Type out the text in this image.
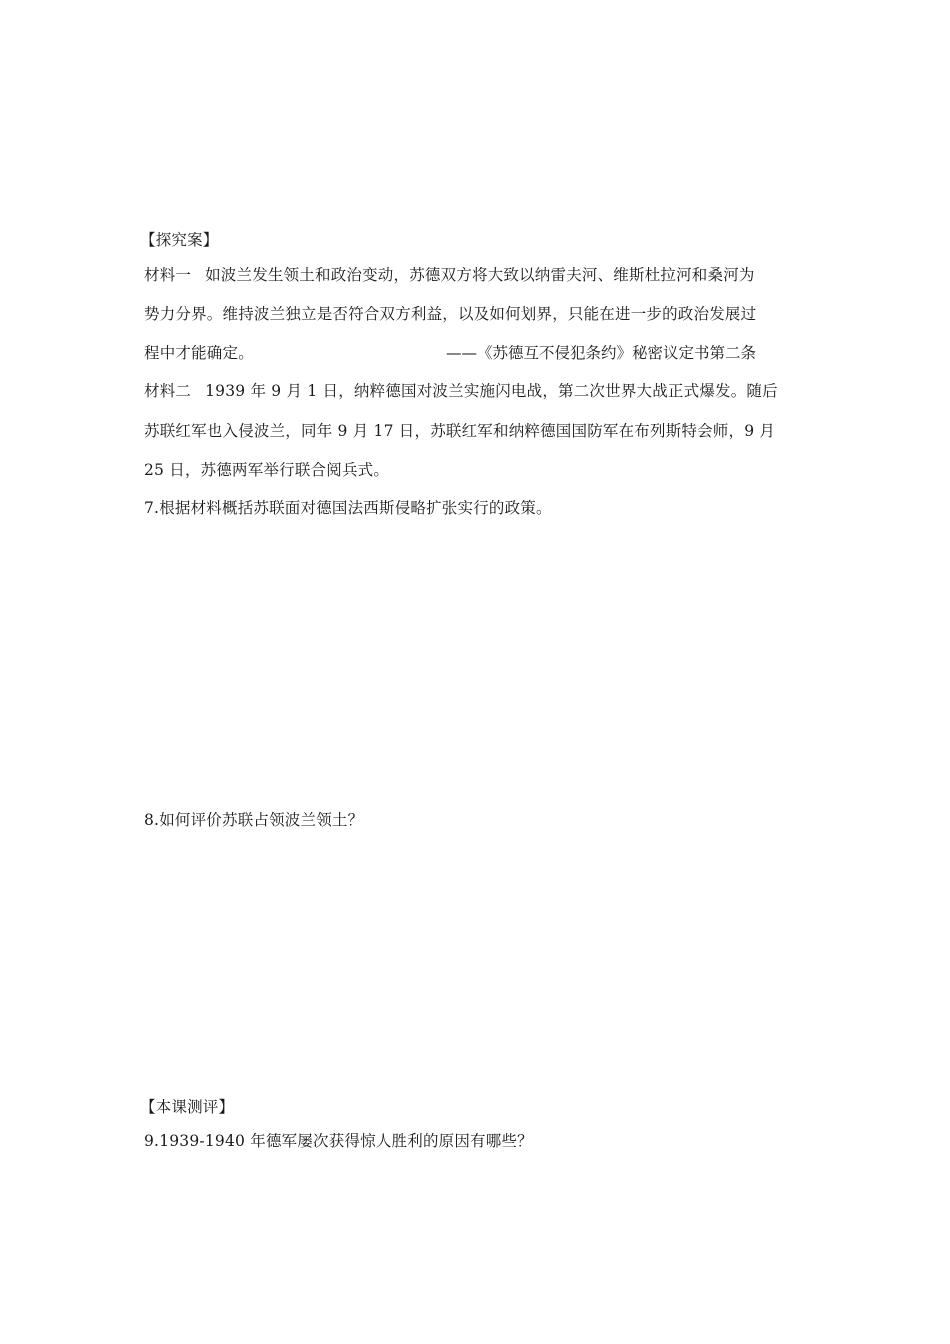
【探究案】
材料一 如波兰发生领土和政治变动，苏德双方将大致以纳雷夫河、维斯杜拉河和桑河为
势力分界。维持波兰独立是否符合双方利益，以及如何划界，只能在进一步的政治发展过
程中才能确定。	——《苏德互不侵犯条约》秘密议定书第二条
材料二 1939 年 9 月 1 日，纳粹德国对波兰实施闪电战，第二次世界大战正式爆发。随后
苏联红军也入侵波兰，同年 9 月 17 日，苏联红军和纳粹德国国防军在布列斯特会师，9 月
25 日，苏德两军举行联合阅兵式。
7.根据材料概括苏联面对德国法西斯侵略扩张实行的政策。
8.如何评价苏联占领波兰领土？
【本课测评】
9.1939-1940 年德军屡次获得惊人胜利的原因有哪些？
